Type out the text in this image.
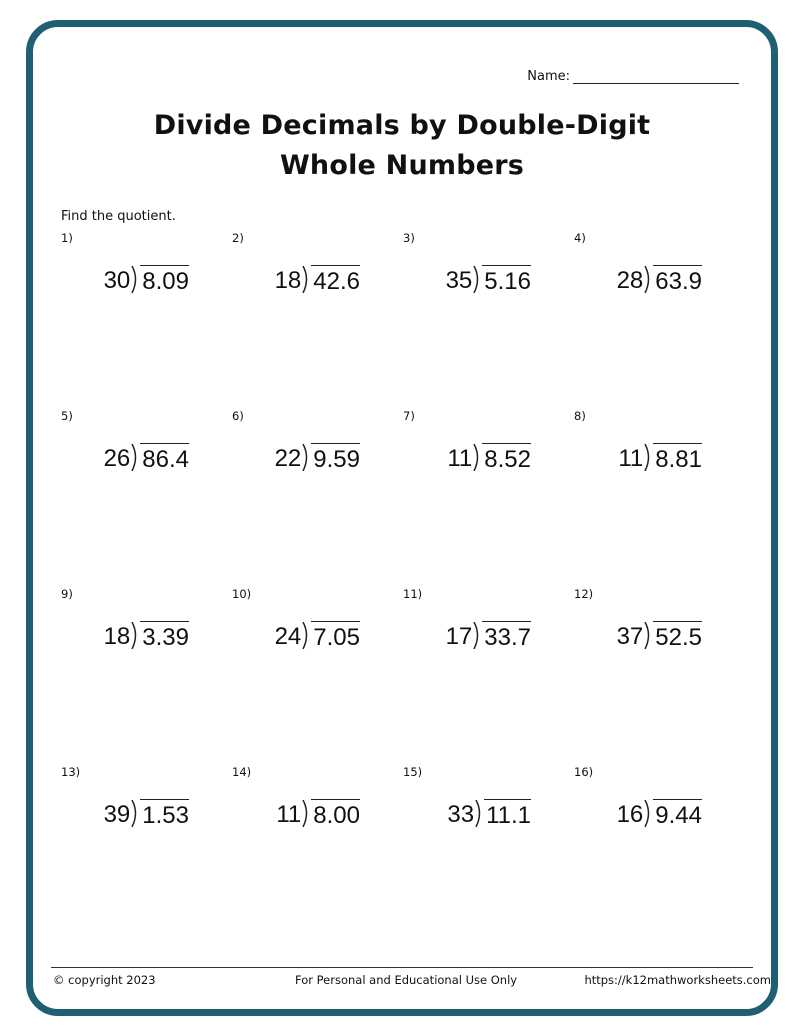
Name:
Divide Decimals by Double-Digit
Whole Numbers
Find the quotient.
1)
30 8.09
2)
18 42.6
3)
35 5.16
4)
28 63.9
5)
26 86.4
6)
22 9.59
7)
11 8.52
8)
11 8.81
9)
18 3.39
10)
24 7.05
11)
17 33.7
12)
37 52.5
13)
39 1.53
14)
11 8.00
15)
33 11.1
16)
16 9.44
© copyright 2023	For Personal and Educational Use Only	https://k12mathworksheets.com
